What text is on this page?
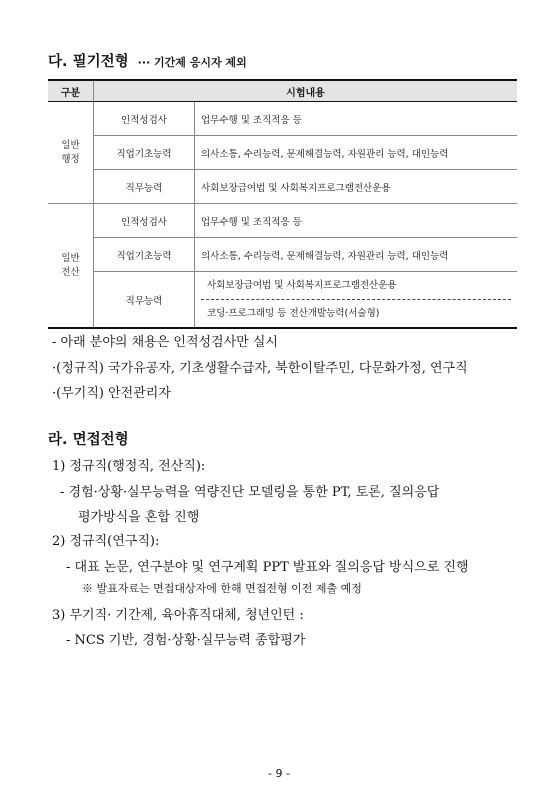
다. 필기전형 ··· 기간제 응시자 제외
구분	시험내용	
일반
행정	인적성검사	업무수행 및 조직적응 등
	직업기초능력	의사소통, 수리능력, 문제해결능력, 자원관리 능력, 대인능력
	직무능력	사회보장급여법 및 사회복지프로그램전산운용
일반
전산	인적성검사	업무수행 및 조직적응 등
	직업기초능력	의사소통, 수리능력, 문제해결능력, 자원관리 능력, 대인능력
	직무능력	사회보장급여법 및 사회복지프로그램전산운용
코딩·프로그래밍 등 전산개발능력(서술형)
- 아래 분야의 채용은 인적성검사만 실시
·(정규직) 국가유공자, 기초생활수급자, 북한이탈주민, 다문화가정, 연구직
·(무기직) 안전관리자
라. 면접전형
1) 정규직(행정직, 전산직):
- 경험·상황·실무능력을 역량진단 모델링을 통한 PT, 토론, 질의응답
평가방식을 혼합 진행
2) 정규직(연구직):
- 대표 논문, 연구분야 및 연구계획 PPT 발표와 질의응답 방식으로 진행
※ 발표자료는 면접대상자에 한해 면접전형 이전 제출 예정
3) 무기직· 기간제, 육아휴직대체, 청년인턴 :
- NCS 기반, 경험·상황·실무능력 종합평가
- 9 -
